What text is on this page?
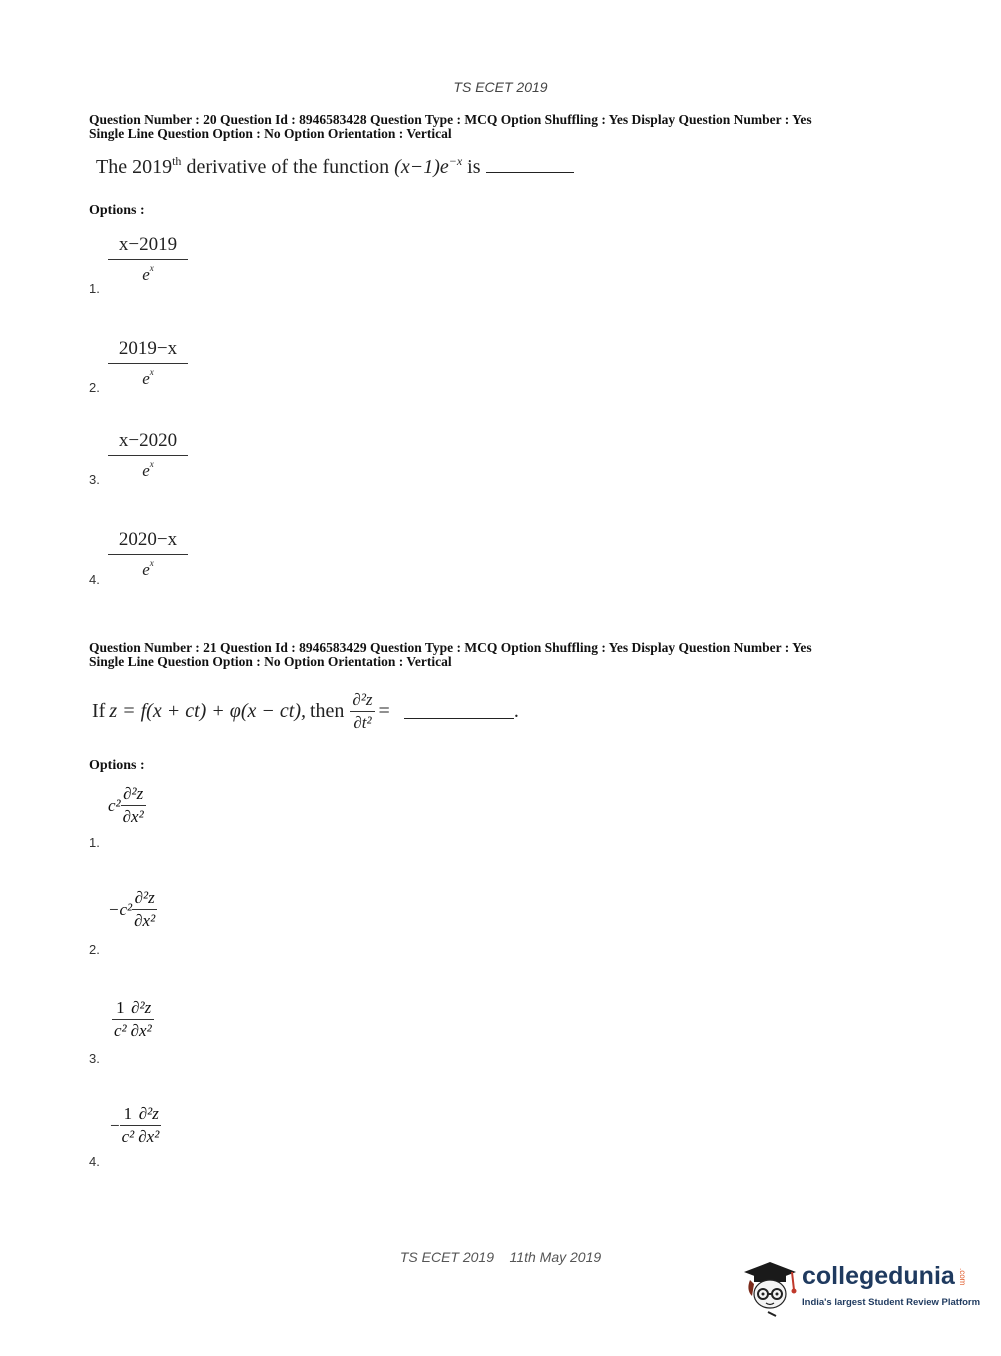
TS ECET 2019
Question Number : 20 Question Id : 8946583428 Question Type : MCQ Option Shuffling : Yes Display Question Number : Yes
Single Line Question Option : No Option Orientation : Vertical
The 2019th derivative of the function $(x-1)e^{-x}$ is
Options :
x−2019
$e^x$
1.
2019−x
$e^x$
2.
x−2020
$e^x$
3.
2020−x
$e^x$
4.
Question Number : 21 Question Id : 8946583429 Question Type : MCQ Option Shuffling : Yes Display Question Number : Yes
Single Line Question Option : No Option Orientation : Vertical
If z = f(x + ct) + φ(x − ct), then $\frac{\text{∂²z}}{\text{∂t²}}$ =	.
Options :
$c^2 \frac{\text{∂²z}}{\text{∂x²}}$
1.
$-c^2 \frac{\text{∂²z}}{\text{∂x²}}$
2.
$\frac{1}{\text{c²}} \frac{\text{∂²z}}{\text{∂x²}}$
3.
− $\frac{1}{\text{c²}} \frac{\text{∂²z}}{\text{∂x²}}$
4.
TS ECET 2019    11th May 2019
collegedunia .com
India's largest Student Review Platform
